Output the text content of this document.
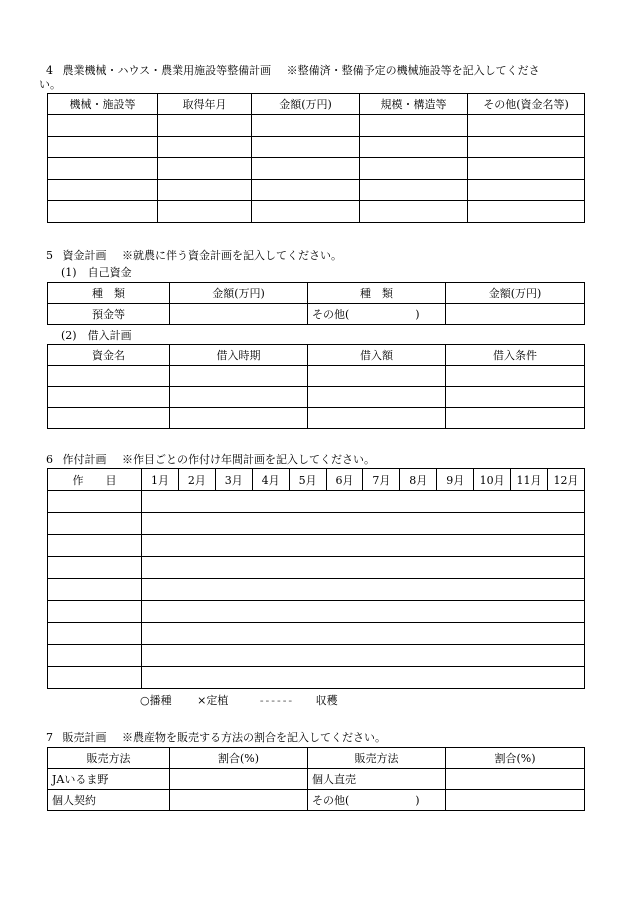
4 農業機械・ハウス・農業用施設等整備計画 ※整備済・整備予定の機械施設等を記入してくださ
い。
機械・施設等	取得年月	金額(万円)	規模・構造等	その他(資金名等)

5 資金計画 ※就農に伴う資金計画を記入してください。
(1)　自己資金
種　類	金額(万円)	種　類	金額(万円)
預金等		その他(　　　　　　)	
(2)　借入計画
資金名	借入時期	借入額	借入条件

6 作付計画 ※作目ごとの作付け年間計画を記入してください。
作　　目	1月	2月	3月	4月	5月	6月	7月	8月	9月	10月	11月	12月

○播種 ×定植	------ 収穫
7 販売計画 ※農産物を販売する方法の割合を記入してください。
販売方法	割合(%)	販売方法	割合(%)
JAいるま野		個人直売	
個人契約		その他(　　　　　　)	
